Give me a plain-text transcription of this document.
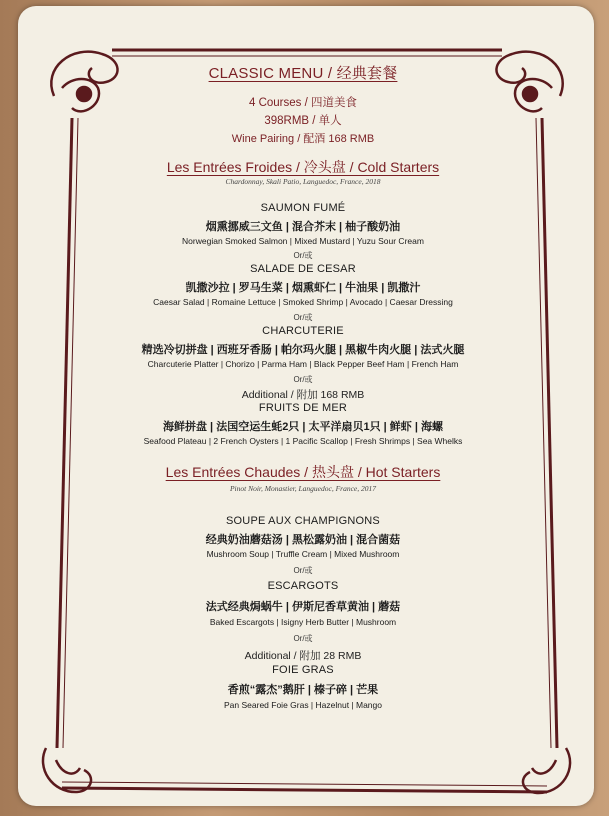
CLASSIC MENU / 经典套餐
4 Courses / 四道美食
398RMB / 单人
Wine Pairing / 配酒 168 RMB
Les Entrées Froides / 冷头盘 / Cold Starters
Chardonnay, Skali Patio, Languedoc, France, 2018
SAUMON FUMÉ
烟熏挪威三文鱼 | 混合芥末 | 柚子酸奶油
Norwegian Smoked Salmon | Mixed Mustard | Yuzu Sour Cream
Or/或
SALADE DE CESAR
凯撒沙拉 | 罗马生菜 | 烟熏虾仁 | 牛油果 | 凯撒汁
Caesar Salad | Romaine Lettuce | Smoked Shrimp | Avocado | Caesar Dressing
Or/或
CHARCUTERIE
精选冷切拼盘 | 西班牙香肠 | 帕尔玛火腿 | 黑椒牛肉火腿 | 法式火腿
Charcuterie Platter | Chorizo | Parma Ham | Black Pepper Beef Ham | French Ham
Or/或
Additional / 附加 168 RMB
FRUITS DE MER
海鲜拼盘 | 法国空运生蚝2只 | 太平洋扇贝1只 | 鲜虾 | 海螺
Seafood Plateau | 2 French Oysters | 1 Pacific Scallop | Fresh Shrimps | Sea Whelks
Les Entrées Chaudes / 热头盘 / Hot Starters
Pinot Noir, Monastier, Languedoc, France, 2017
SOUPE AUX CHAMPIGNONS
经典奶油蘑菇汤 | 黑松露奶油 | 混合菌菇
Mushroom Soup | Truffle Cream | Mixed Mushroom
Or/或
ESCARGOTS
法式经典焗蜗牛 | 伊斯尼香草黄油 | 蘑菇
Baked Escargots | Isigny Herb Butter | Mushroom
Or/或
Additional / 附加 28 RMB
FOIE GRAS
香煎“露杰”鹅肝 | 榛子碎 | 芒果
Pan Seared Foie Gras | Hazelnut | Mango
